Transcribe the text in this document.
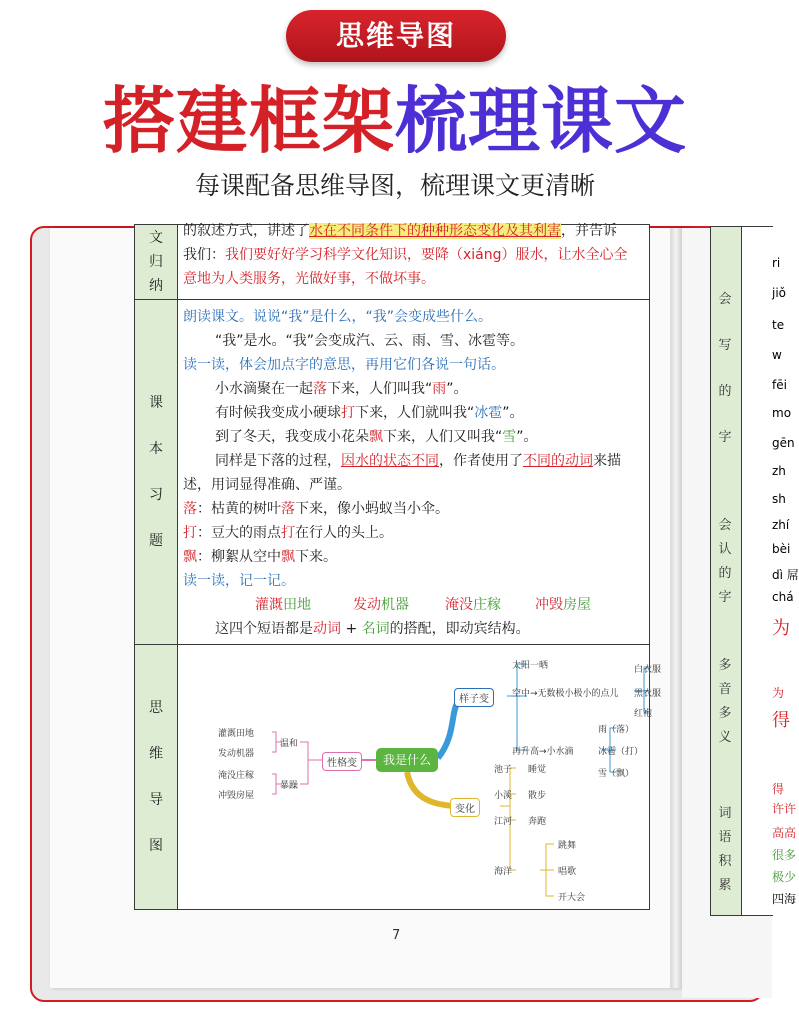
思维导图
搭建框架梳理课文
每课配备思维导图，梳理课文更清晰
文
归
纳
课
本
习
题
思
维
导
图
的叙述方式，讲述了水在不同条件下的种种形态变化及其利害，并告诉
我们：我们要好好学习科学文化知识，要降（xiáng）服水，让水全心全
意地为人类服务，光做好事，不做坏事。
朗读课文。说说“我”是什么，“我”会变成些什么。
“我”是水。“我”会变成汽、云、雨、雪、冰雹等。
读一读，体会加点字的意思，再用它们各说一句话。
小水滴聚在一起落下来，人们叫我“雨”。
有时候我变成小硬球打下来，人们就叫我“冰雹”。
到了冬天，我变成小花朵飘下来，人们又叫我“雪”。
同样是下落的过程，因水的状态不同，作者使用了不同的动词来描
述，用词显得准确、严谨。
落：枯黄的树叶落下来，像小蚂蚁当小伞。
打：豆大的雨点打在行人的头上。
飘：柳絮从空中飘下来。
读一读，记一记。
灌溉田地	发动机器	淹没庄稼 冲毁房屋
这四个短语都是动词 + 名词的搭配，即动宾结构。
我是什么
性格变
温和
暴躁
灌溉田地
发动机器
淹没庄稼
冲毁房屋
样子变
太阳一晒
空中→无数极小极小的点儿
白衣服
黑衣服
红袍
再升高→小水滴
雨（落）
冰雹（打）
雪（飘）
变化
池子 睡觉
小溪 散步
江河 奔跑
海洋
跳舞
唱歌
开大会
7
会
写
的
字
ri
jiǒ
te
w
fēi
mo
gēn
zh
sh
会
认
的
字
zhí
bèi
dì 屌
chá
多
音
多
义
为
为
得
得
词
语
积
累
许许
高高
很多
极少
四海
